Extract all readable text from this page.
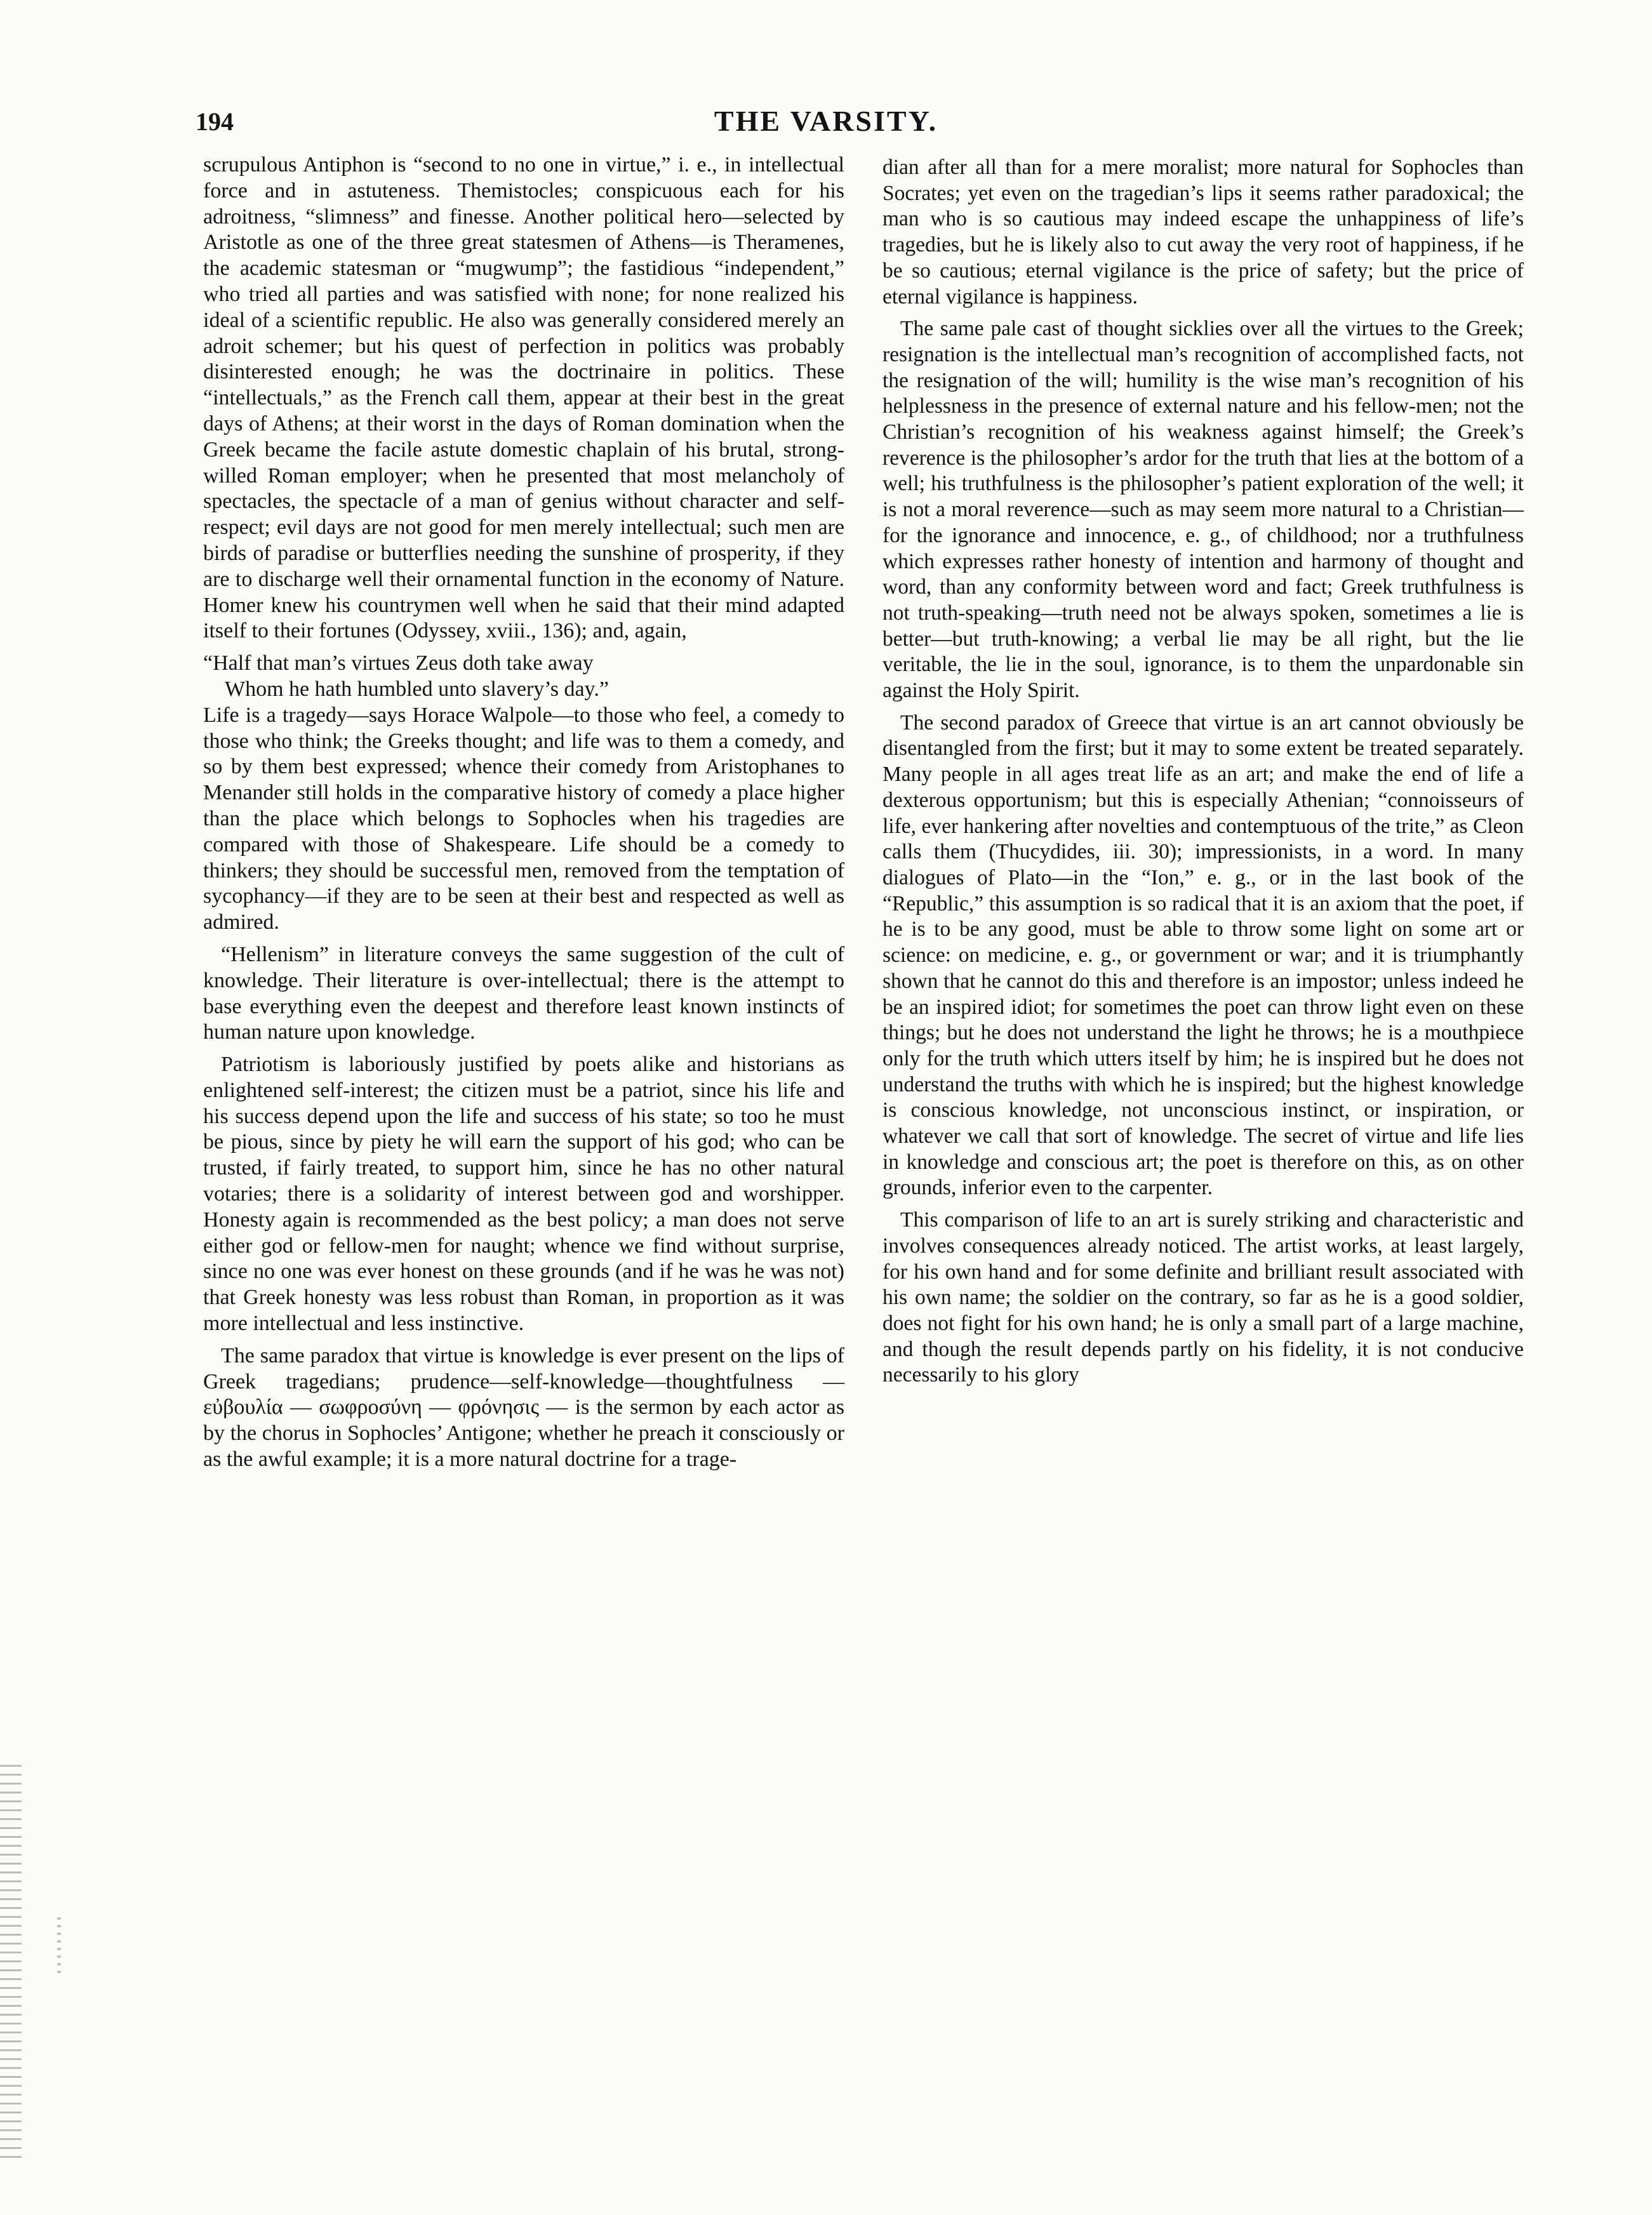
194	THE VARSITY.

scrupulous Antiphon is “second to no one in virtue,” i. e., in intellectual force and in astuteness. Themistocles; conspicuous each for his adroitness, “slimness” and finesse. Another political hero—selected by Aristotle as one of the three great statesmen of Athens—is Theramenes, the academic statesman or “mugwump”; the fastidious “independent,” who tried all parties and was satisfied with none; for none realized his ideal of a scientific republic. He also was generally considered merely an adroit schemer; but his quest of perfection in politics was probably disinterested enough; he was the doctrinaire in politics. These “intellectuals,” as the French call them, appear at their best in the great days of Athens; at their worst in the days of Roman domination when the Greek became the facile astute domestic chaplain of his brutal, strong-willed Roman employer; when he presented that most melancholy of spectacles, the spectacle of a man of genius without character and self-respect; evil days are not good for men merely intellectual; such men are birds of paradise or butterflies needing the sunshine of prosperity, if they are to discharge well their ornamental function in the economy of Nature. Homer knew his countrymen well when he said that their mind adapted itself to their fortunes (Odyssey, xviii., 136); and, again,

“Half that man’s virtues Zeus doth take away

Whom he hath humbled unto slavery’s day.”

Life is a tragedy—says Horace Walpole—to those who feel, a comedy to those who think; the Greeks thought; and life was to them a comedy, and so by them best expressed; whence their comedy from Aristophanes to Menander still holds in the comparative history of comedy a place higher than the place which belongs to Sophocles when his tragedies are compared with those of Shakespeare. Life should be a comedy to thinkers; they should be successful men, removed from the temptation of sycophancy—if they are to be seen at their best and respected as well as admired.

“Hellenism” in literature conveys the same suggestion of the cult of knowledge. Their literature is over-intellectual; there is the attempt to base everything even the deepest and therefore least known instincts of human nature upon knowledge.

Patriotism is laboriously justified by poets alike and historians as enlightened self-interest; the citizen must be a patriot, since his life and his success depend upon the life and success of his state; so too he must be pious, since by piety he will earn the support of his god; who can be trusted, if fairly treated, to support him, since he has no other natural votaries; there is a solidarity of interest between god and worshipper. Honesty again is recommended as the best policy; a man does not serve either god or fellow-men for naught; whence we find without surprise, since no one was ever honest on these grounds (and if he was he was not) that Greek honesty was less robust than Roman, in proportion as it was more intellectual and less instinctive.

The same paradox that virtue is knowledge is ever present on the lips of Greek tragedians; prudence—self-knowledge—thoughtfulness — εὐβουλία — σωφροσύνη — φρόνησις — is the sermon by each actor as by the chorus in Sophocles’ Antigone; whether he preach it consciously or as the awful example; it is a more natural doctrine for a trage-

dian after all than for a mere moralist; more natural for Sophocles than Socrates; yet even on the tragedian’s lips it seems rather paradoxical; the man who is so cautious may indeed escape the unhappiness of life’s tragedies, but he is likely also to cut away the very root of happiness, if he be so cautious; eternal vigilance is the price of safety; but the price of eternal vigilance is happiness.

The same pale cast of thought sicklies over all the virtues to the Greek; resignation is the intellectual man’s recognition of accomplished facts, not the resignation of the will; humility is the wise man’s recognition of his helplessness in the presence of external nature and his fellow-men; not the Christian’s recognition of his weakness against himself; the Greek’s reverence is the philosopher’s ardor for the truth that lies at the bottom of a well; his truthfulness is the philosopher’s patient exploration of the well; it is not a moral reverence—such as may seem more natural to a Christian—for the ignorance and innocence, e. g., of childhood; nor a truthfulness which expresses rather honesty of intention and harmony of thought and word, than any conformity between word and fact; Greek truthfulness is not truth-speaking—truth need not be always spoken, sometimes a lie is better—but truth-knowing; a verbal lie may be all right, but the lie veritable, the lie in the soul, ignorance, is to them the unpardonable sin against the Holy Spirit.

The second paradox of Greece that virtue is an art cannot obviously be disentangled from the first; but it may to some extent be treated separately. Many people in all ages treat life as an art; and make the end of life a dexterous opportunism; but this is especially Athenian; “connoisseurs of life, ever hankering after novelties and contemptuous of the trite,” as Cleon calls them (Thucydides, iii. 30); impressionists, in a word. In many dialogues of Plato—in the “Ion,” e. g., or in the last book of the “Republic,” this assumption is so radical that it is an axiom that the poet, if he is to be any good, must be able to throw some light on some art or science: on medicine, e. g., or government or war; and it is triumphantly shown that he cannot do this and therefore is an impostor; unless indeed he be an inspired idiot; for sometimes the poet can throw light even on these things; but he does not understand the light he throws; he is a mouthpiece only for the truth which utters itself by him; he is inspired but he does not understand the truths with which he is inspired; but the highest knowledge is conscious knowledge, not unconscious instinct, or inspiration, or whatever we call that sort of knowledge. The secret of virtue and life lies in knowledge and conscious art; the poet is therefore on this, as on other grounds, inferior even to the carpenter.

This comparison of life to an art is surely striking and characteristic and involves consequences already noticed. The artist works, at least largely, for his own hand and for some definite and brilliant result associated with his own name; the soldier on the contrary, so far as he is a good soldier, does not fight for his own hand; he is only a small part of a large machine, and though the result depends partly on his fidelity, it is not conducive necessarily to his glory
